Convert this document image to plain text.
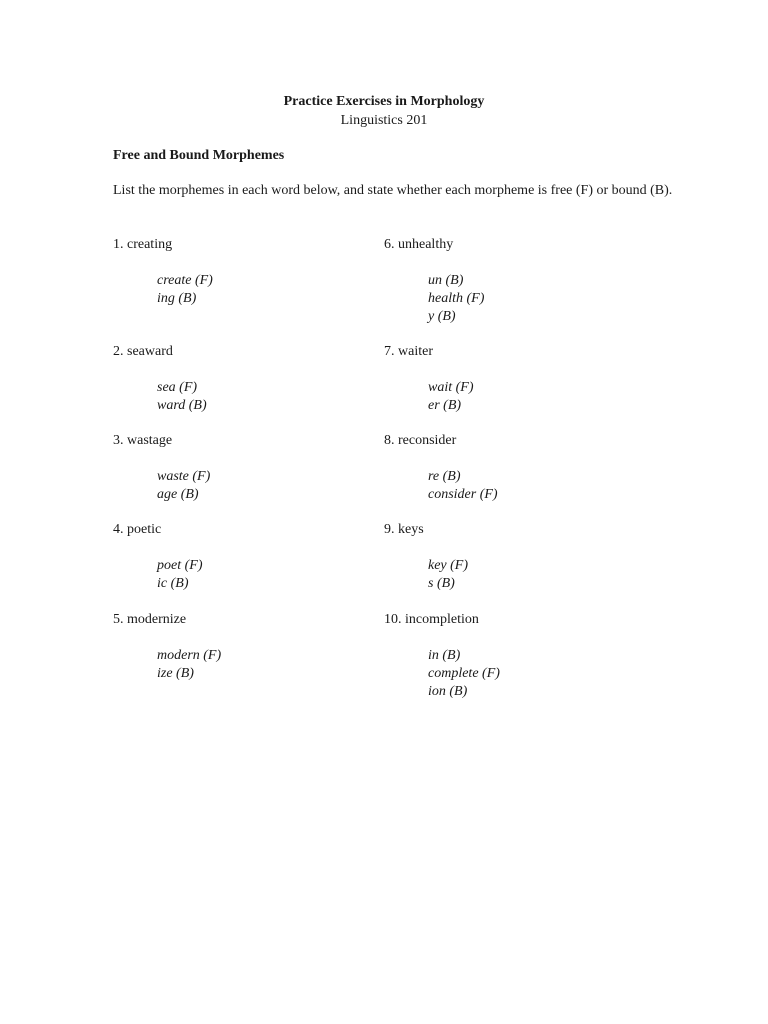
Practice Exercises in Morphology
Linguistics 201
Free and Bound Morphemes
List the morphemes in each word below, and state whether each morpheme is free (F) or bound (B).
1. creating
create (F)
ing (B)
2. seaward
sea (F)
ward (B)
3. wastage
waste (F)
age (B)
4. poetic
poet (F)
ic (B)
5. modernize
modern (F)
ize (B)
6. unhealthy
un (B)
health (F)
y (B)
7. waiter
wait (F)
er (B)
8. reconsider
re (B)
consider (F)
9. keys
key (F)
s (B)
10. incompletion
in (B)
complete (F)
ion (B)
